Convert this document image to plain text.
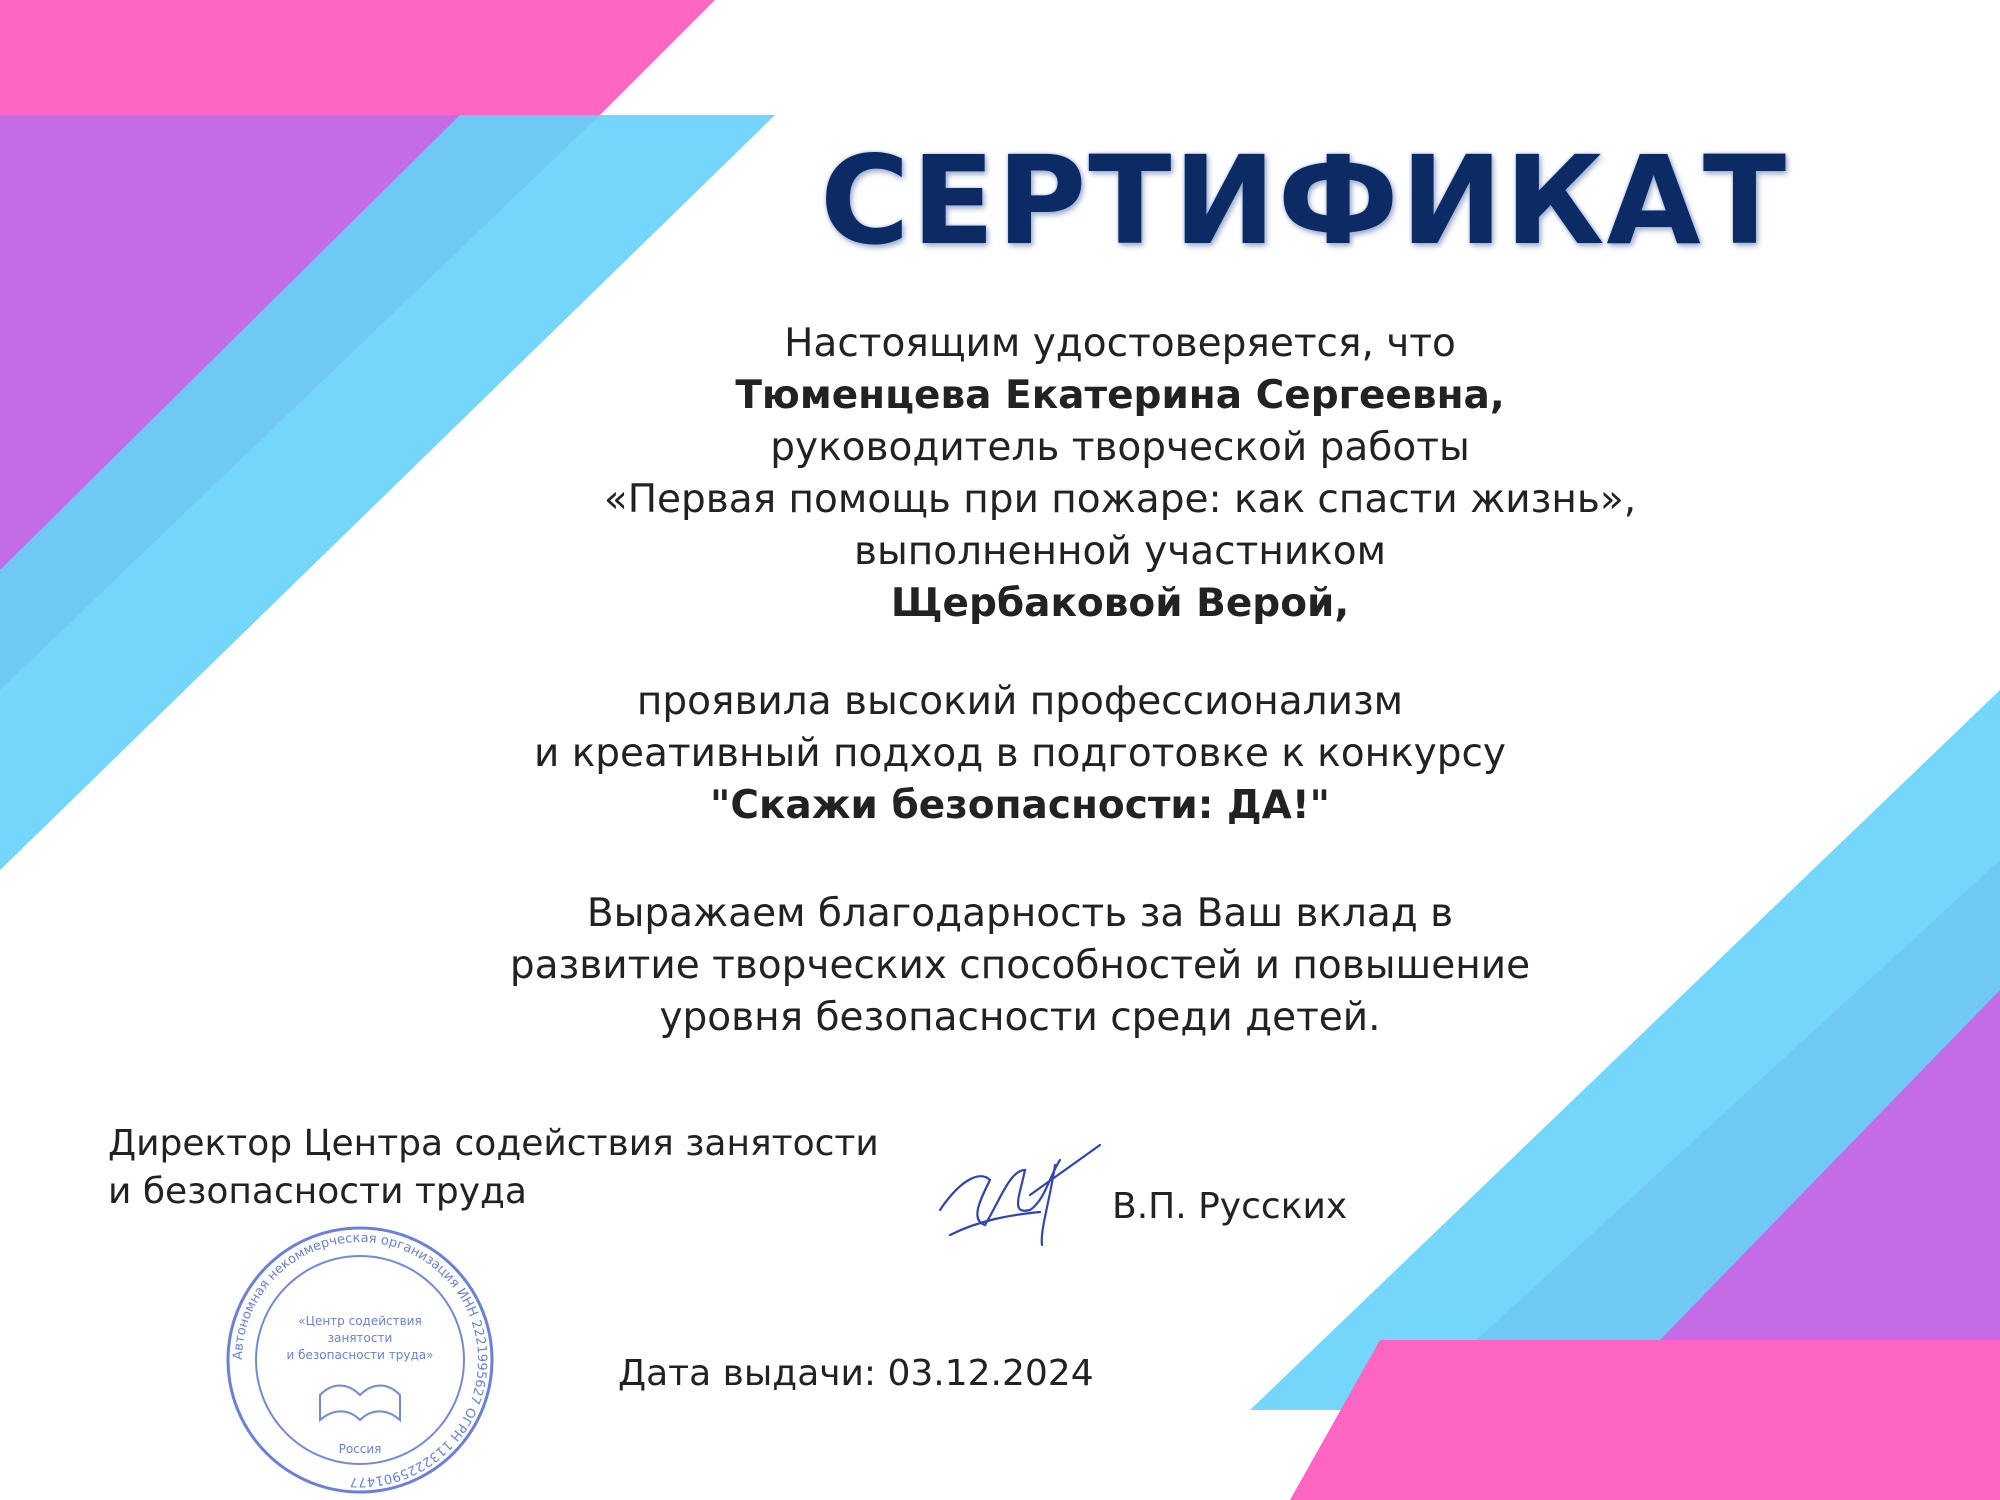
СЕРТИФИКАТ
Настоящим удостоверяется, что
Тюменцева Екатерина Сергеевна,
руководитель творческой работы
«Первая помощь при пожаре: как спасти жизнь»,
выполненной участником
Щербаковой Верой,
проявила высокий профессионализм
и креативный подход в подготовке к конкурсу
"Скажи безопасности: ДА!"
Выражаем благодарность за Ваш вклад в
развитие творческих способностей и повышение
уровня безопасности среди детей.
Директор Центра содействия занятости
и безопасности труда	В.П. Русских
Автономная некоммерческая организация ИНН 2221995627 ОГРН 1132225901477
«Центр содействия
занятости
и безопасности труда»
Россия
Дата выдачи: 03.12.2024
